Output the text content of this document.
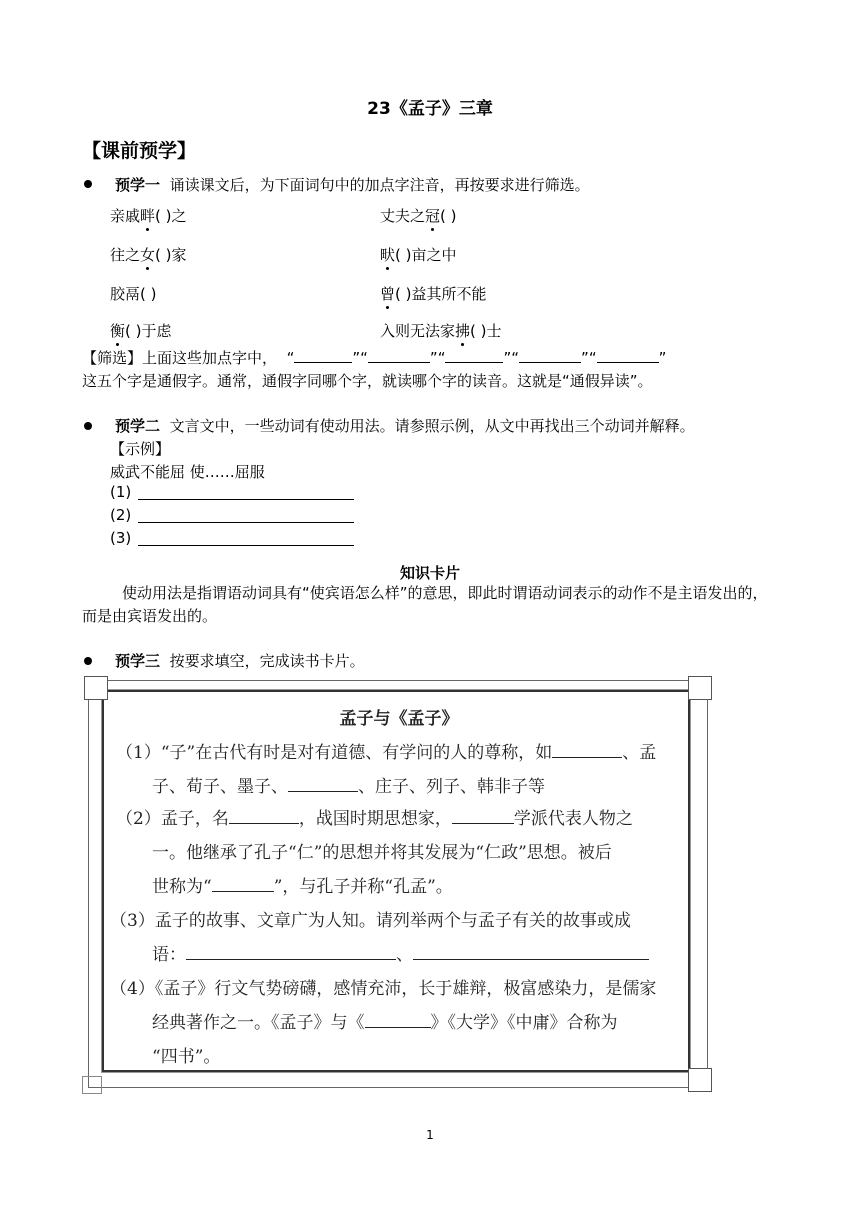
23《孟子》三章
【课前预学】
预学一 诵读课文后，为下面词句中的加点字注音，再按要求进行筛选。
亲戚畔( )之	丈夫之冠( )
往之女( )家	畎( )亩之中
胶鬲( )	曾( )益其所不能
衡( )于虑	入则无法家拂( )士
【筛选】上面这些加点字中， “	”“	”“	”“	”“	”
这五个字是通假字。通常，通假字同哪个字，就读哪个字的读音。这就是“通假异读”。
预学二 文言文中，一些动词有使动用法。请参照示例，从文中再找出三个动词并解释。
【示例】
威武不能屈 使……屈服
(1)
(2)
(3)
知识卡片
使动用法是指谓语动词具有“使宾语怎么样”的意思，即此时谓语动词表示的动作不是主语发出的，而是由宾语发出的。
预学三 按要求填空，完成读书卡片。
孟子与《孟子》
（1）“子”在古代有时是对有道德、有学问的人的尊称，如	、孟
子、荀子、墨子、	、庄子、列子、韩非子等
（2）孟子，名	，战国时期思想家，	学派代表人物之
一。他继承了孔子“仁”的思想并将其发展为“仁政”思想。被后
世称为“	”，与孔子并称“孔孟”。
（3）孟子的故事、文章广为人知。请列举两个与孟子有关的故事或成
语：	、
（4）《孟子》行文气势磅礴，感情充沛，长于雄辩，极富感染力，是儒家
经典著作之一。《孟子》与《	》《大学》《中庸》合称为
“四书”。
1
